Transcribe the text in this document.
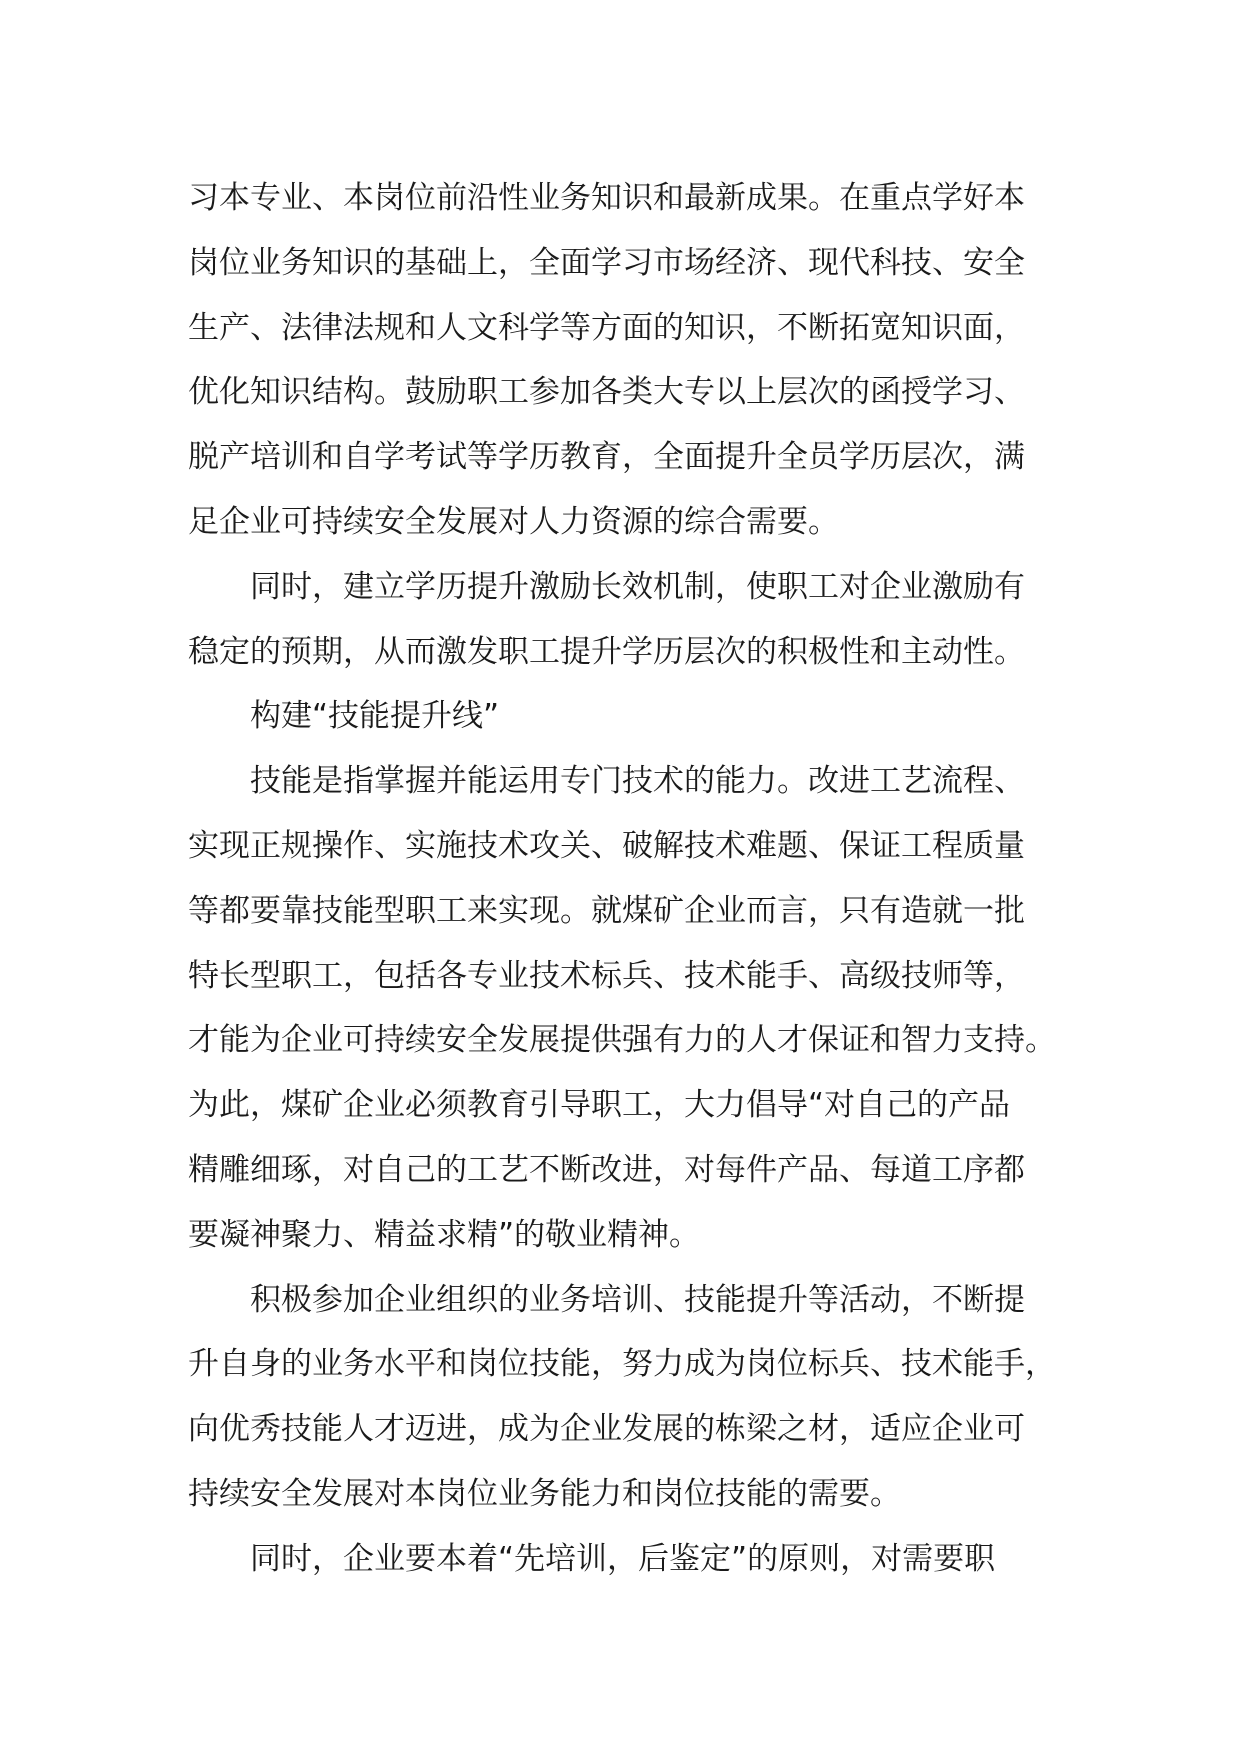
习本专业、本岗位前沿性业务知识和最新成果。在重点学好本
岗位业务知识的基础上，全面学习市场经济、现代科技、安全
生产、法律法规和人文科学等方面的知识，不断拓宽知识面，
优化知识结构。鼓励职工参加各类大专以上层次的函授学习、
脱产培训和自学考试等学历教育，全面提升全员学历层次，满
足企业可持续安全发展对人力资源的综合需要。
同时，建立学历提升激励长效机制，使职工对企业激励有
稳定的预期，从而激发职工提升学历层次的积极性和主动性。
构建“技能提升线”
技能是指掌握并能运用专门技术的能力。改进工艺流程、
实现正规操作、实施技术攻关、破解技术难题、保证工程质量
等都要靠技能型职工来实现。就煤矿企业而言，只有造就一批
特长型职工，包括各专业技术标兵、技术能手、高级技师等，
才能为企业可持续安全发展提供强有力的人才保证和智力支持。
为此，煤矿企业必须教育引导职工，大力倡导“对自己的产品
精雕细琢，对自己的工艺不断改进，对每件产品、每道工序都
要凝神聚力、精益求精”的敬业精神。
积极参加企业组织的业务培训、技能提升等活动，不断提
升自身的业务水平和岗位技能，努力成为岗位标兵、技术能手，
向优秀技能人才迈进，成为企业发展的栋梁之材，适应企业可
持续安全发展对本岗位业务能力和岗位技能的需要。
同时，企业要本着“先培训，后鉴定”的原则，对需要职
